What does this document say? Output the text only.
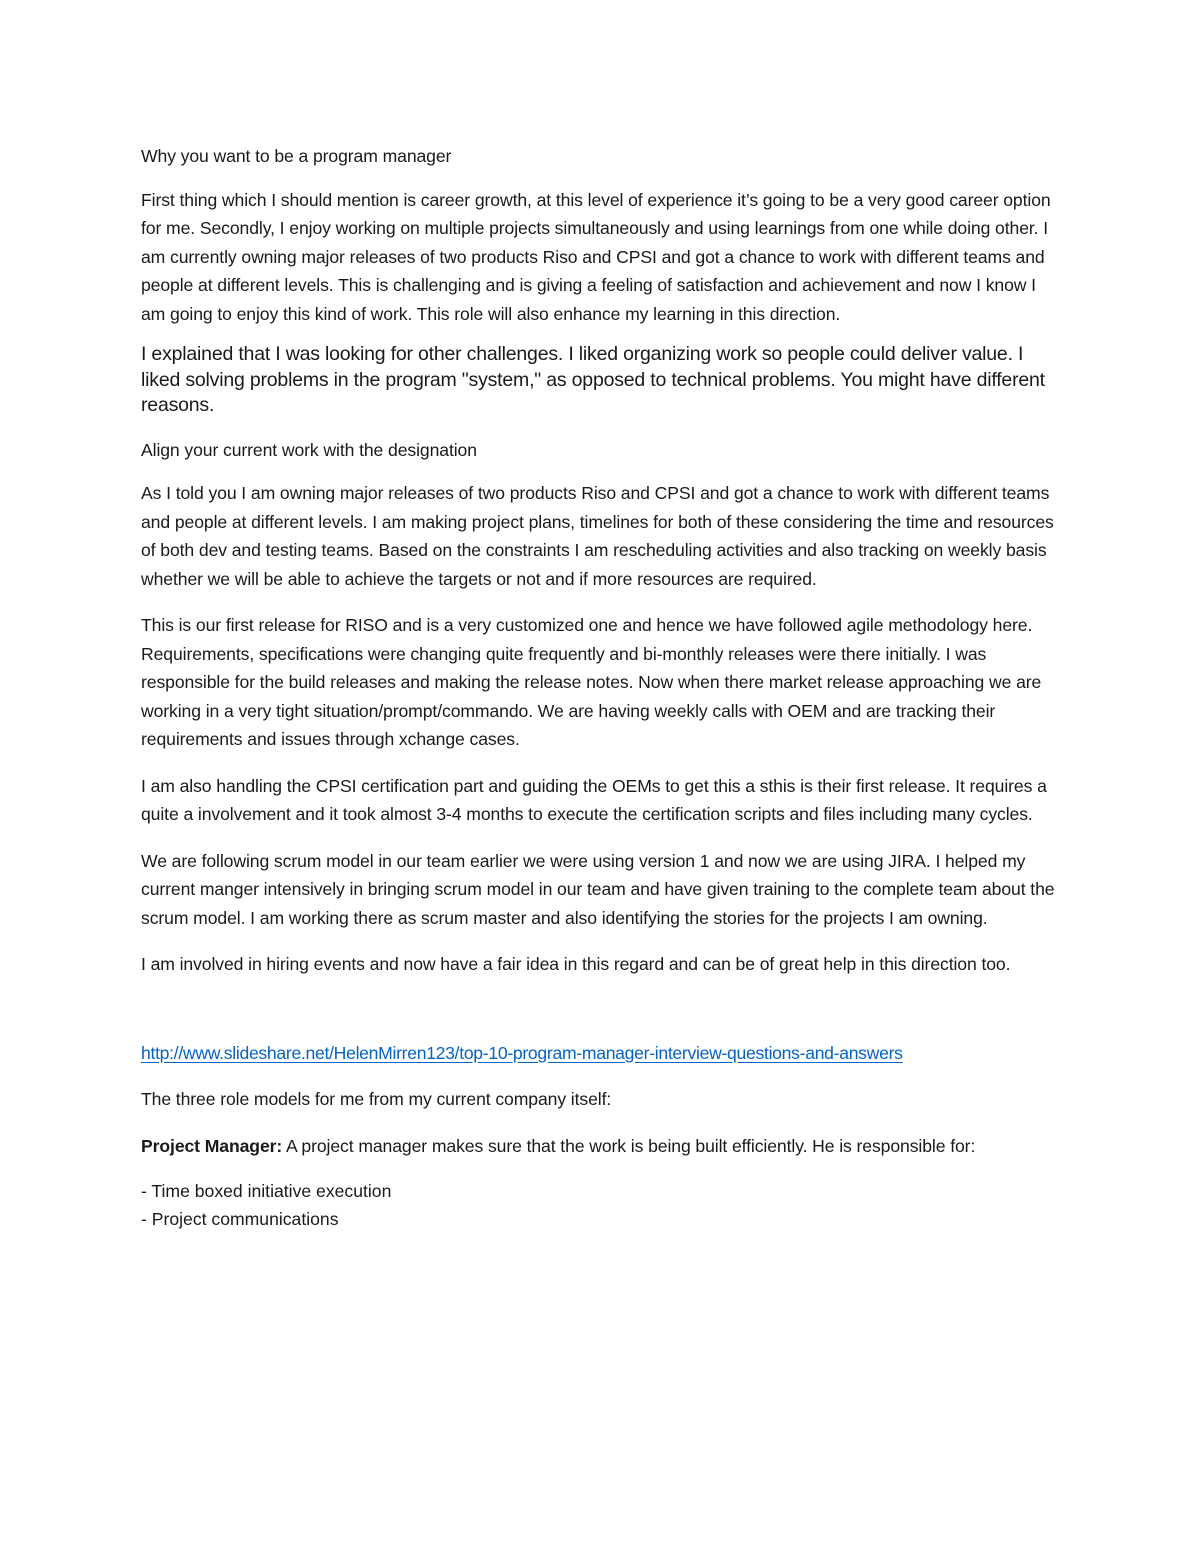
Why you want to be a program manager

First thing which I should mention is career growth, at this level of experience it’s going to be a very good career option for me. Secondly, I enjoy working on multiple projects simultaneously and using learnings from one while doing other. I am currently owning major releases of two products Riso and CPSI and got a chance to work with different teams and people at different levels. This is challenging and is giving a feeling of satisfaction and achievement and now I know I am going to enjoy this kind of work. This role will also enhance my learning in this direction.

I explained that I was looking for other challenges. I liked organizing work so people could deliver value. I liked solving problems in the program "system," as opposed to technical problems. You might have different reasons.

Align your current work with the designation

As I told you I am owning major releases of two products Riso and CPSI and got a chance to work with different teams and people at different levels. I am making project plans, timelines for both of these considering the time and resources of both dev and testing teams. Based on the constraints I am rescheduling activities and also tracking on weekly basis whether we will be able to achieve the targets or not and if more resources are required.

This is our first release for RISO and is a very customized one and hence we have followed agile methodology here. Requirements, specifications were changing quite frequently and bi-monthly releases were there initially. I was responsible for the build releases and making the release notes. Now when there market release approaching we are working in a very tight situation/prompt/commando. We are having weekly calls with OEM and are tracking their requirements and issues through xchange cases.

I am also handling the CPSI certification part and guiding the OEMs to get this a sthis is their first release. It requires a quite a involvement and it took almost 3-4 months to execute the certification scripts and files including many cycles.

We are following scrum model in our team earlier we were using version 1 and now we are using JIRA. I helped my current manger intensively in bringing scrum model in our team and have given training to the complete team about the scrum model. I am working there as scrum master and also identifying the stories for the projects I am owning.

I am involved in hiring events and now have a fair idea in this regard and can be of great help in this direction too.

http://www.slideshare.net/HelenMirren123/top-10-program-manager-interview-questions-and-answers

The three role models for me from my current company itself:

Project Manager: A project manager makes sure that the work is being built efficiently. He is responsible for:

- Time boxed initiative execution
- Project communications
